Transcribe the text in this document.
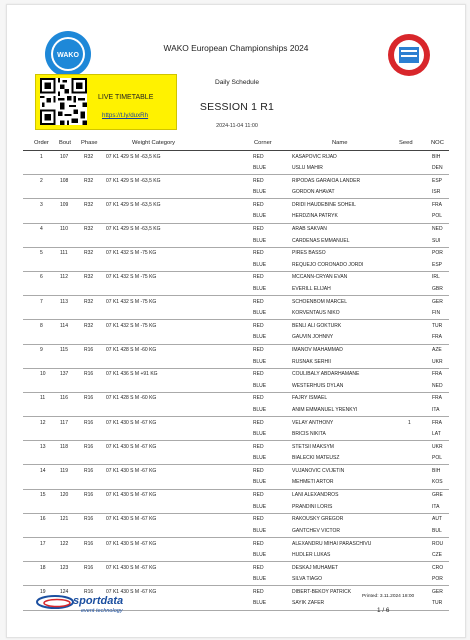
WAKO
WAKO European Championships 2024
LIVE TIMETABLE
https://t.ly/duxRh
Daily Schedule
SESSION 1 R1
2024-11-04 11:00
Order Bout Phase	Weight Category	Corner	Name	Seed	NOC
1	107	R32	07 K1 429 S M -63,5 KG	RED	KASAPOVIC RIJAD	BIH
BLUE	USLU MAHIR	DEN
2	108	R32	07 K1 429 S M -63,5 KG	RED	RIPODAS GARAIOA LANDER	ESP
BLUE	GORDON AHAVAT	ISR
3	109	R32	07 K1 429 S M -63,5 KG	RED	DRIDI HAUDEBINE SOHEIL	FRA
BLUE	HERDZINA PATRYK	POL
4	110	R32	07 K1 429 S M -63,5 KG	RED	ARAB SAKVAN	NED
BLUE	CARDENAS EMMANUEL	SUI
5	111	R32	07 K1 432 S M -75 KG	RED	PIRES BASSO	POR
BLUE	REQUEJO CORONADO JORDI	ESP
6	112	R32	07 K1 432 S M -75 KG	RED	MCCANN-CRYAN EVAN	IRL
BLUE	EVERILL ELIJAH	GBR
7	113	R32	07 K1 432 S M -75 KG	RED	SCHOENBOM MARCEL	GER
BLUE	KORVENTAUS NIKO	FIN
8	114	R32	07 K1 432 S M -75 KG	RED	BENLI ALI GOKTURK	TUR
BLUE	GAUVIN JOHNNY	FRA
9	115	R16	07 K1 428 S M -60 KG	RED	IMANOV MAHAMMAD	AZE
BLUE	RUSNAK SERHII	UKR
10	137	R16	07 K1 436 S M +91 KG	RED	COULIBALY ABDARHAMANE	FRA
BLUE	WESTERHUIS DYLAN	NED
11	116	R16	07 K1 428 S M -60 KG	RED	FAJRY ISMAEL	FRA
BLUE	ANIM EMMANUEL YRENKYI	ITA
12	117	R16	07 K1 430 S M -67 KG	RED	VELAY ANTHONY	1	FRA
BLUE	BRICIS NIKITA	LAT
13	118	R16	07 K1 430 S M -67 KG	RED	STETSII MAKSYM	UKR
BLUE	BIALECKI MATEUSZ	POL
14	119	R16	07 K1 430 S M -67 KG	RED	VUJANOVIC CVIJETIN	BIH
BLUE	MEHMETI ARTOR	KOS
15	120	R16	07 K1 430 S M -67 KG	RED	LANI ALEXANDROS	GRE
BLUE	PRANDINI LORIS	ITA
16	121	R16	07 K1 430 S M -67 KG	RED	RAKOUSKY GREGOR	AUT
BLUE	GANTCHEV VICTOR	BUL
17	122	R16	07 K1 430 S M -67 KG	RED	ALEXANDRU MIHAI PARASCHIVU	ROU
BLUE	HUDLER LUKAS	CZE
18	123	R16	07 K1 430 S M -67 KG	RED	DESKAJ MUHAMET	CRO
BLUE	SILVA TIAGO	POR
19	124	R16	07 K1 430 S M -67 KG	RED	DIBERT-BEKOY PATRICK	GER
BLUE	SAYIK ZAFER	TUR
sportdata
event technology
Printed: 3.11.2024 18:00
1 / 6
